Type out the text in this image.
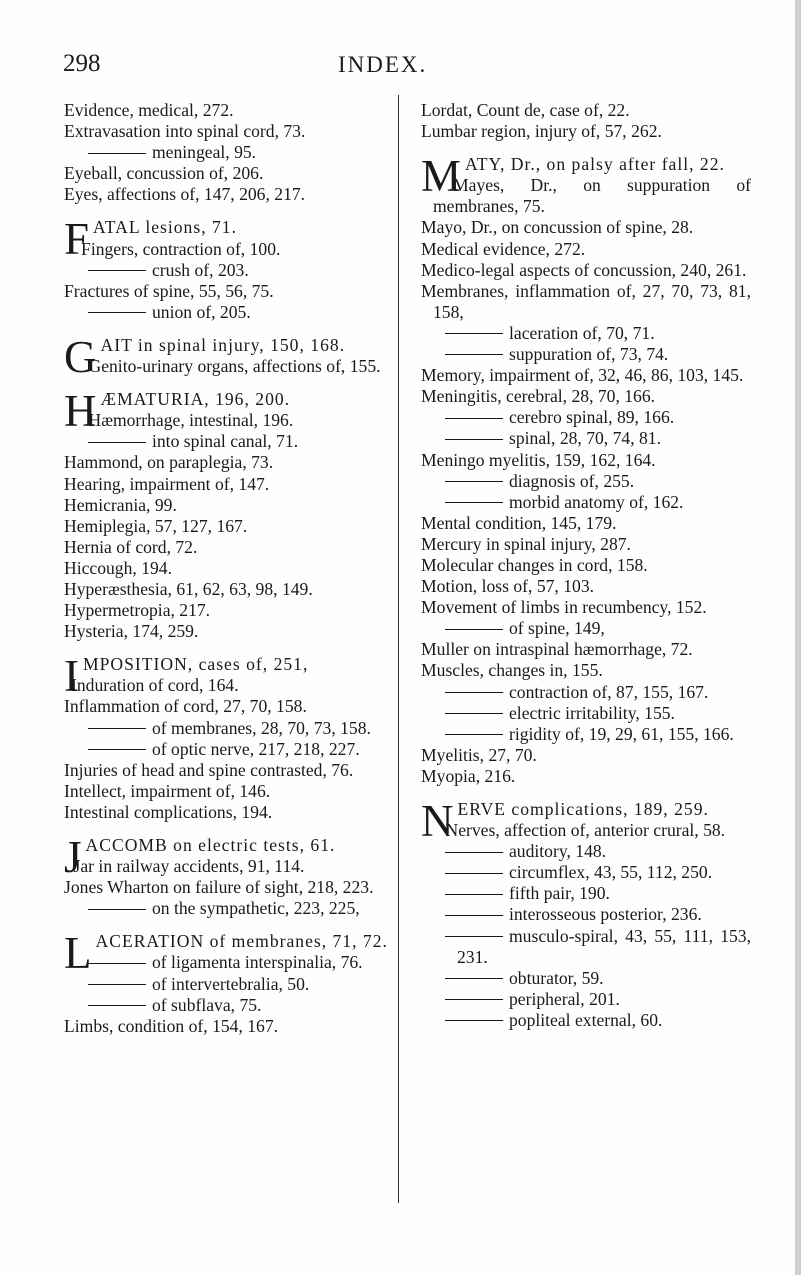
298	INDEX.

Evidence, medical, 272.

Extravasation into spinal cord, 73.

meningeal, 95.

Eyeball, concussion of, 206.

Eyes, affections of, 147, 206, 217.

FATAL lesions, 71.

Fingers, contraction of, 100.

crush of, 203.

Fractures of spine, 55, 56, 75.

union of, 205.

GAIT in spinal injury, 150, 168.

Genito-urinary organs, affections of, 155.

HÆMATURIA, 196, 200.

Hæmorrhage, intestinal, 196.

into spinal canal, 71.

Hammond, on paraplegia, 73.

Hearing, impairment of, 147.

Hemicrania, 99.

Hemiplegia, 57, 127, 167.

Hernia of cord, 72.

Hiccough, 194.

Hyperæsthesia, 61, 62, 63, 98, 149.

Hypermetropia, 217.

Hysteria, 174, 259.

IMPOSITION, cases of, 251,

Induration of cord, 164.

Inflammation of cord, 27, 70, 158.

of membranes, 28, 70, 73, 158.

of optic nerve, 217, 218, 227.

Injuries of head and spine contrasted, 76.

Intellect, impairment of, 146.

Intestinal complications, 194.

JACCOMB on electric tests, 61.

Jar in railway accidents, 91, 114.

Jones Wharton on failure of sight, 218, 223.

on the sympathetic, 223, 225,

LACERATION of membranes, 71, 72.

of ligamenta interspinalia, 76.

of intervertebralia, 50.

of subflava, 75.

Limbs, condition of, 154, 167.

Lordat, Count de, case of, 22.

Lumbar region, injury of, 57, 262.

MATY, Dr., on palsy after fall, 22.

Mayes, Dr., on suppuration of membranes, 75.

Mayo, Dr., on concussion of spine, 28.

Medical evidence, 272.

Medico-legal aspects of concussion, 240, 261.

Membranes, inflammation of, 27, 70, 73, 81, 158,

laceration of, 70, 71.

suppuration of, 73, 74.

Memory, impairment of, 32, 46, 86, 103, 145.

Meningitis, cerebral, 28, 70, 166.

cerebro spinal, 89, 166.

spinal, 28, 70, 74, 81.

Meningo myelitis, 159, 162, 164.

diagnosis of, 255.

morbid anatomy of, 162.

Mental condition, 145, 179.

Mercury in spinal injury, 287.

Molecular changes in cord, 158.

Motion, loss of, 57, 103.

Movement of limbs in recumbency, 152.

of spine, 149,

Muller on intraspinal hæmorrhage, 72.

Muscles, changes in, 155.

contraction of, 87, 155, 167.

electric irritability, 155.

rigidity of, 19, 29, 61, 155, 166.

Myelitis, 27, 70.

Myopia, 216.

NERVE complications, 189, 259.

Nerves, affection of, anterior crural, 58.

auditory, 148.

circumflex, 43, 55, 112, 250.

fifth pair, 190.

interosseous posterior, 236.

musculo-spiral, 43, 55, 111, 153, 231.

obturator, 59.

peripheral, 201.

popliteal external, 60.
